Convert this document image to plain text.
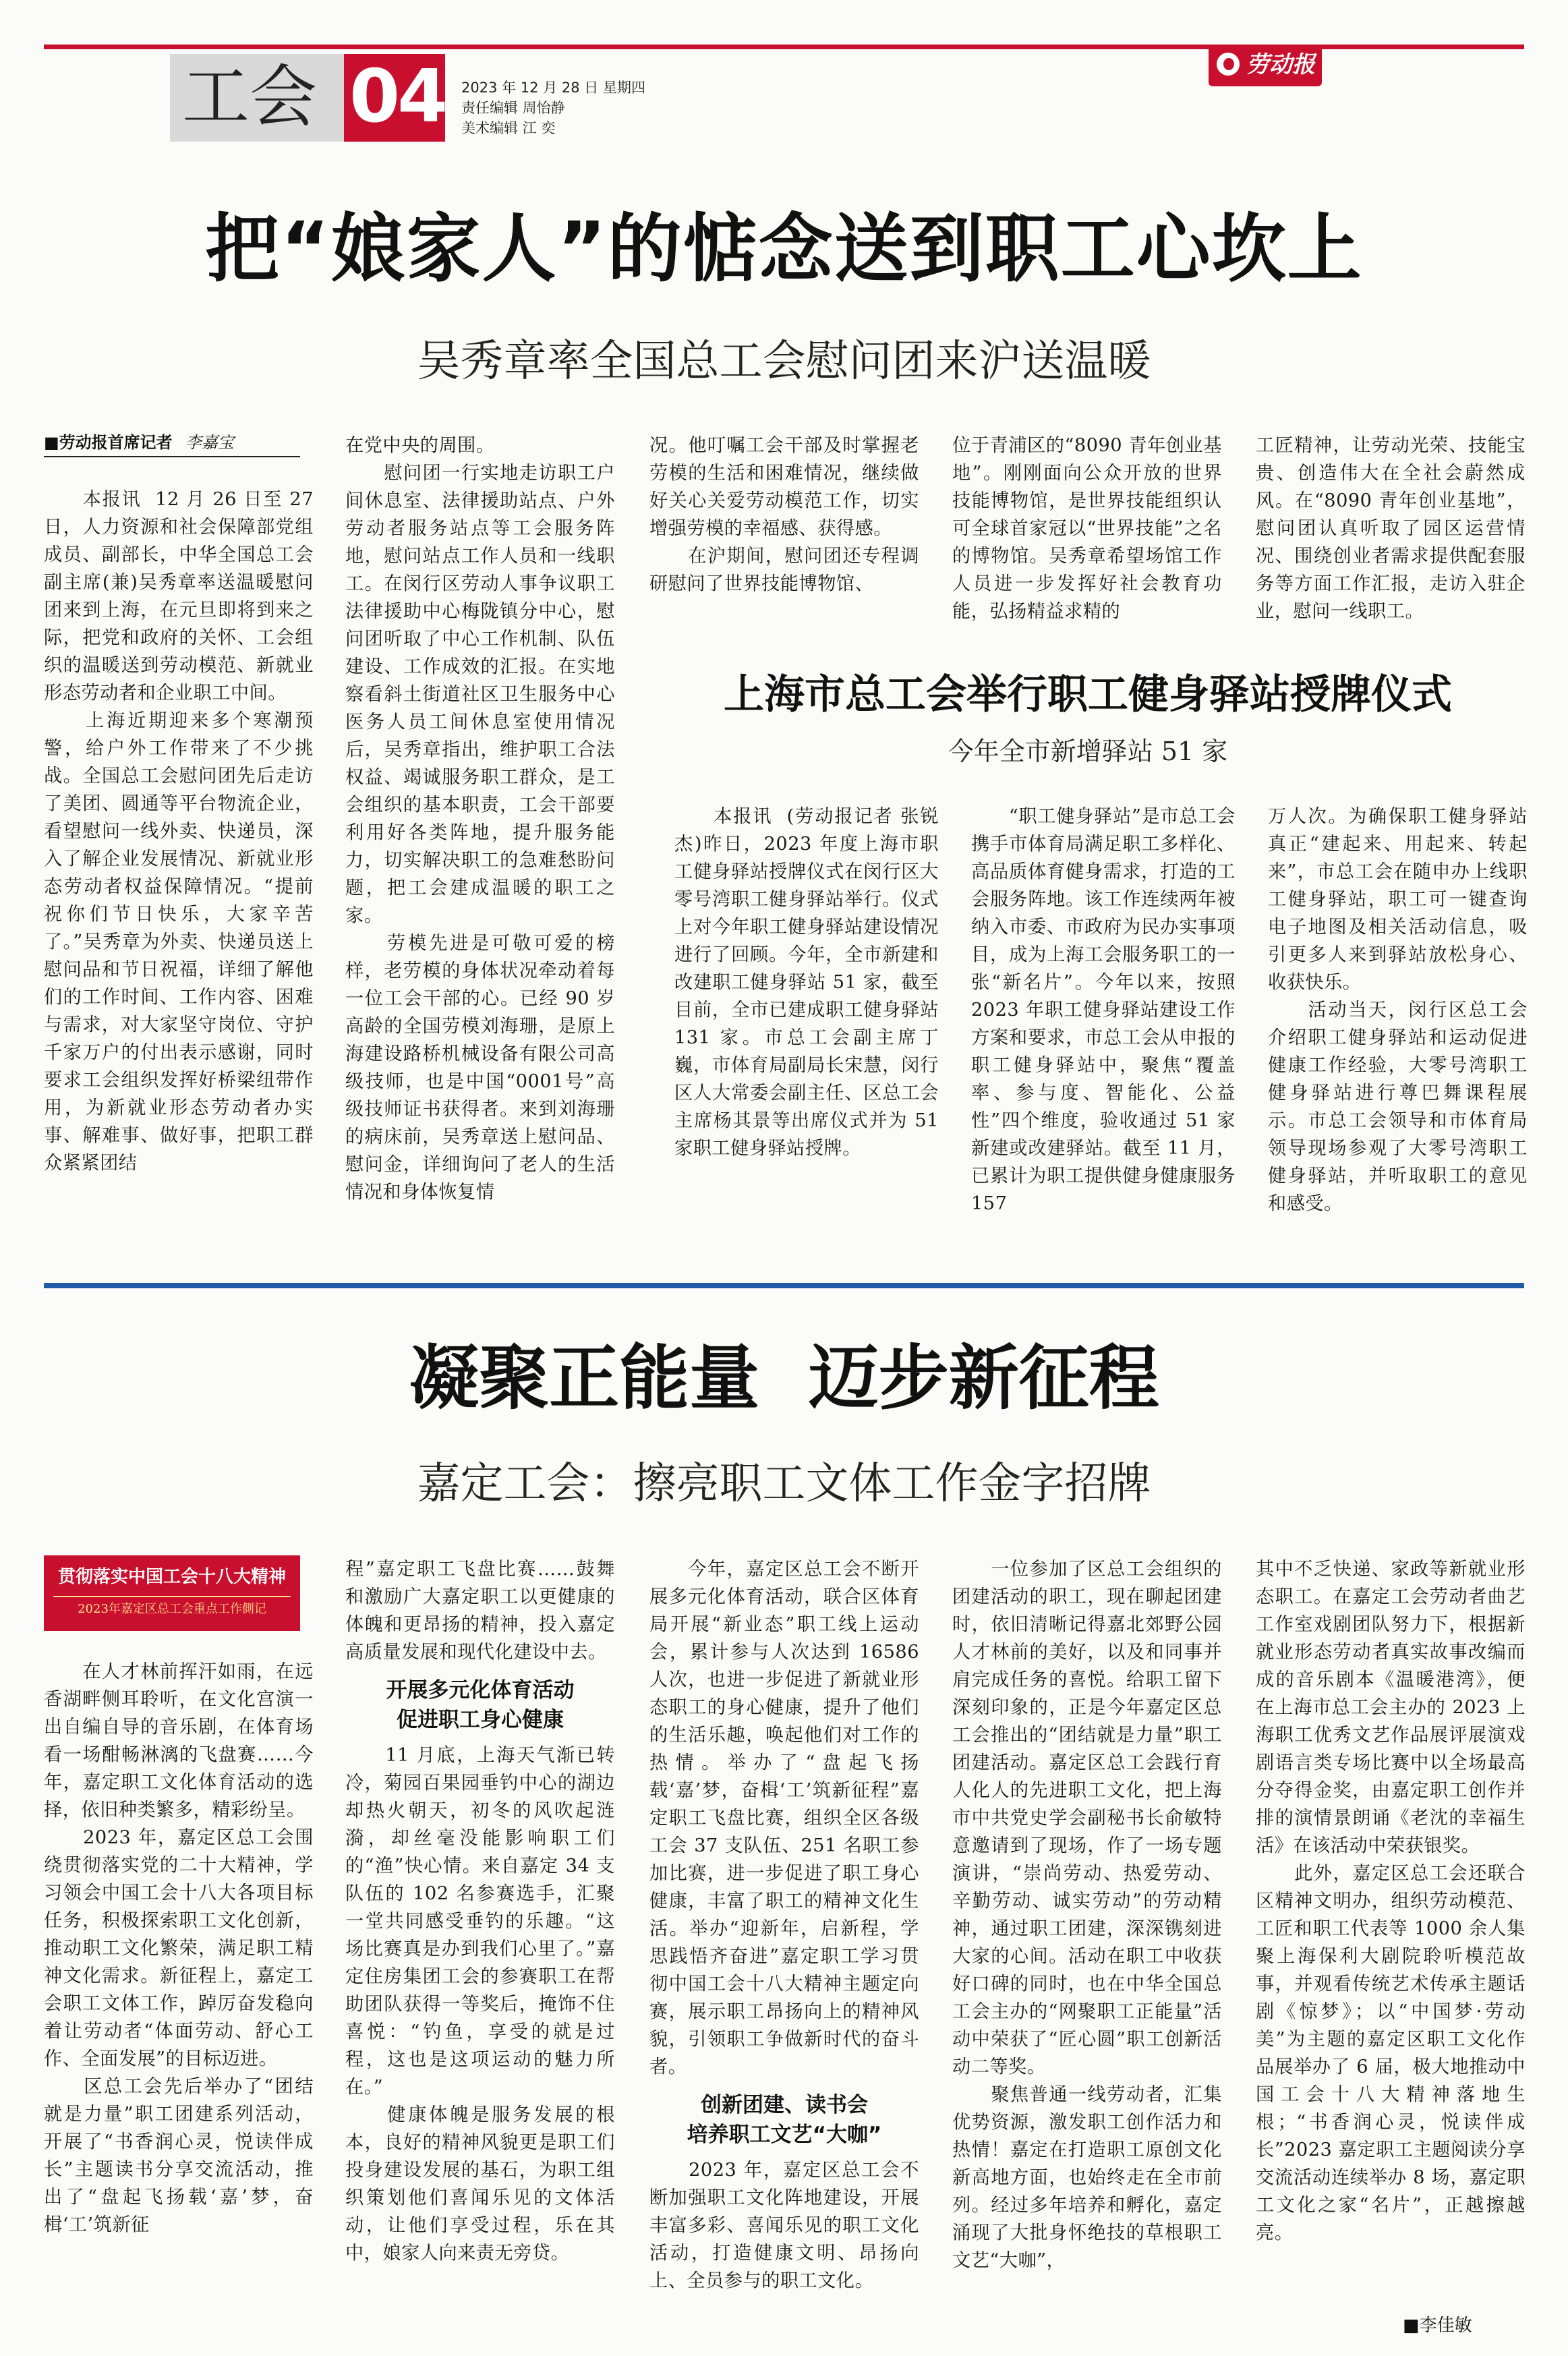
工会 04 2023 年 12 月 28 日 星期四
责任编辑 周怡静
美术编辑 江 奕
劳动报
把“娘家人”的惦念送到职工心坎上
吴秀章率全国总工会慰问团来沪送温暖
■劳动报首席记者 李嘉宝
　　本报讯  12 月 26 日至 27 日，人力资源和社会保障部党组成员、副部长，中华全国总工会副主席(兼)吴秀章率送温暖慰问团来到上海，在元旦即将到来之际，把党和政府的关怀、工会组织的温暖送到劳动模范、新就业形态劳动者和企业职工中间。
　　上海近期迎来多个寒潮预警，给户外工作带来了不少挑战。全国总工会慰问团先后走访了美团、圆通等平台物流企业，看望慰问一线外卖、快递员，深入了解企业发展情况、新就业形态劳动者权益保障情况。“提前祝你们节日快乐，大家辛苦了。”吴秀章为外卖、快递员送上慰问品和节日祝福，详细了解他们的工作时间、工作内容、困难与需求，对大家坚守岗位、守护千家万户的付出表示感谢，同时要求工会组织发挥好桥梁纽带作用，为新就业形态劳动者办实事、解难事、做好事，把职工群众紧紧团结
在党中央的周围。
　　慰问团一行实地走访职工户间休息室、法律援助站点、户外劳动者服务站点等工会服务阵地，慰问站点工作人员和一线职工。在闵行区劳动人事争议职工法律援助中心梅陇镇分中心，慰问团听取了中心工作机制、队伍建设、工作成效的汇报。在实地察看斜土街道社区卫生服务中心医务人员工间休息室使用情况后，吴秀章指出，维护职工合法权益、竭诚服务职工群众，是工会组织的基本职责，工会干部要利用好各类阵地，提升服务能力，切实解决职工的急难愁盼问题，把工会建成温暖的职工之家。
　　劳模先进是可敬可爱的榜样，老劳模的身体状况牵动着每一位工会干部的心。已经 90 岁高龄的全国劳模刘海珊，是原上海建设路桥机械设备有限公司高级技师，也是中国“0001号”高级技师证书获得者。来到刘海珊的病床前，吴秀章送上慰问品、慰问金，详细询问了老人的生活情况和身体恢复情
况。他叮嘱工会干部及时掌握老劳模的生活和困难情况，继续做好关心关爱劳动模范工作，切实增强劳模的幸福感、获得感。
　　在沪期间，慰问团还专程调研慰问了世界技能博物馆、
位于青浦区的“8090 青年创业基地”。刚刚面向公众开放的世界技能博物馆，是世界技能组织认可全球首家冠以“世界技能”之名的博物馆。吴秀章希望场馆工作人员进一步发挥好社会教育功能，弘扬精益求精的
工匠精神，让劳动光荣、技能宝贵、创造伟大在全社会蔚然成风。在“8090 青年创业基地”，慰问团认真听取了园区运营情况、围绕创业者需求提供配套服务等方面工作汇报，走访入驻企业，慰问一线职工。
上海市总工会举行职工健身驿站授牌仪式
今年全市新增驿站 51 家
　　本报讯  (劳动报记者 张锐杰)昨日，2023 年度上海市职工健身驿站授牌仪式在闵行区大零号湾职工健身驿站举行。仪式上对今年职工健身驿站建设情况进行了回顾。今年，全市新建和改建职工健身驿站 51 家，截至目前，全市已建成职工健身驿站 131 家。市总工会副主席丁巍，市体育局副局长宋慧，闵行区人大常委会副主任、区总工会主席杨其景等出席仪式并为 51 家职工健身驿站授牌。
　　“职工健身驿站”是市总工会携手市体育局满足职工多样化、高品质体育健身需求，打造的工会服务阵地。该工作连续两年被纳入市委、市政府为民办实事项目，成为上海工会服务职工的一张“新名片”。今年以来，按照 2023 年职工健身驿站建设工作方案和要求，市总工会从申报的职工健身驿站中，聚焦“覆盖率、参与度、智能化、公益性”四个维度，验收通过 51 家新建或改建驿站。截至 11 月，已累计为职工提供健身健康服务 157
万人次。为确保职工健身驿站真正“建起来、用起来、转起来”，市总工会在随申办上线职工健身驿站，职工可一键查询电子地图及相关活动信息，吸引更多人来到驿站放松身心、收获快乐。
　　活动当天，闵行区总工会介绍职工健身驿站和运动促进健康工作经验，大零号湾职工健身驿站进行尊巴舞课程展示。市总工会领导和市体育局领导现场参观了大零号湾职工健身驿站，并听取职工的意见和感受。
凝聚正能量  迈步新征程
嘉定工会：擦亮职工文体工作金字招牌
贯彻落实中国工会十八大精神
2023年嘉定区总工会重点工作側记
　　在人才林前挥汗如雨，在远香湖畔侧耳聆听，在文化宫演一出自编自导的音乐剧，在体育场看一场酣畅淋漓的飞盘赛……今年，嘉定职工文化体育活动的选择，依旧种类繁多，精彩纷呈。
　　2023 年，嘉定区总工会围绕贯彻落实党的二十大精神，学习领会中国工会十八大各项目标任务，积极探索职工文化创新，推动职工文化繁荣，满足职工精神文化需求。新征程上，嘉定工会职工文体工作，踔厉奋发稳向着让劳动者“体面劳动、舒心工作、全面发展”的目标迈进。
　　区总工会先后举办了“团结就是力量”职工团建系列活动，开展了“书香润心灵，悦读伴成长”主题读书分享交流活动，推出了“盘起飞扬载‘嘉’梦，奋楫‘工’筑新征
程”嘉定职工飞盘比赛……鼓舞和激励广大嘉定职工以更健康的体魄和更昂扬的精神，投入嘉定高质量发展和现代化建设中去。
开展多元化体育活动
促进职工身心健康
　　11 月底，上海天气渐已转冷，菊园百果园垂钓中心的湖边却热火朝天，初冬的风吹起涟漪，却丝毫没能影响职工们的“渔”快心情。来自嘉定 34 支队伍的 102 名参赛选手，汇聚一堂共同感受垂钓的乐趣。“这场比赛真是办到我们心里了。”嘉定住房集团工会的参赛职工在帮助团队获得一等奖后，掩饰不住喜悦：“钓鱼，享受的就是过程，这也是这项运动的魅力所在。”
　　健康体魄是服务发展的根本，良好的精神风貌更是职工们投身建设发展的基石，为职工组织策划他们喜闻乐见的文体活动，让他们享受过程，乐在其中，娘家人向来责无旁贷。
　　今年，嘉定区总工会不断开展多元化体育活动，联合区体育局开展“新业态”职工线上运动会，累计参与人次达到 16586 人次，也进一步促进了新就业形态职工的身心健康，提升了他们的生活乐趣，唤起他们对工作的热情。举办了“盘起飞扬载‘嘉’梦，奋楫‘工’筑新征程”嘉定职工飞盘比赛，组织全区各级工会 37 支队伍、251 名职工参加比赛，进一步促进了职工身心健康，丰富了职工的精神文化生活。举办“迎新年，启新程，学思践悟齐奋进”嘉定职工学习贯彻中国工会十八大精神主题定向赛，展示职工昂扬向上的精神风貌，引领职工争做新时代的奋斗者。
创新团建、读书会
培养职工文艺“大咖”
　　2023 年，嘉定区总工会不断加强职工文化阵地建设，开展丰富多彩、喜闻乐见的职工文化活动，打造健康文明、昂扬向上、全员参与的职工文化。
　　一位参加了区总工会组织的团建活动的职工，现在聊起团建时，依旧清晰记得嘉北郊野公园人才林前的美好，以及和同事并肩完成任务的喜悦。给职工留下深刻印象的，正是今年嘉定区总工会推出的“团结就是力量”职工团建活动。嘉定区总工会践行育人化人的先进职工文化，把上海市中共党史学会副秘书长俞敏特意邀请到了现场，作了一场专题演讲，“崇尚劳动、热爱劳动、辛勤劳动、诚实劳动”的劳动精神，通过职工团建，深深镌刻进大家的心间。活动在职工中收获好口碑的同时，也在中华全国总工会主办的“网聚职工正能量”活动中荣获了“匠心圆”职工创新活动二等奖。
　　聚焦普通一线劳动者，汇集优势资源，激发职工创作活力和热情！嘉定在打造职工原创文化新高地方面，也始终走在全市前列。经过多年培养和孵化，嘉定涌现了大批身怀绝技的草根职工文艺“大咖”，
其中不乏快递、家政等新就业形态职工。在嘉定工会劳动者曲艺工作室戏剧团队努力下，根据新就业形态劳动者真实故事改编而成的音乐剧本《温暖港湾》，便在上海市总工会主办的 2023 上海职工优秀文艺作品展评展演戏剧语言类专场比赛中以全场最高分夺得金奖，由嘉定职工创作并排的演情景朗诵《老沈的幸福生活》在该活动中荣获银奖。
　　此外，嘉定区总工会还联合区精神文明办，组织劳动模范、工匠和职工代表等 1000 余人集聚上海保利大剧院聆听模范故事，并观看传统艺术传承主题话剧《惊梦》；以“中国梦·劳动美”为主题的嘉定区职工文化作品展举办了 6 届，极大地推动中国工会十八大精神落地生根；“书香润心灵，悦读伴成长”2023 嘉定职工主题阅读分享交流活动连续举办 8 场，嘉定职工文化之家“名片”，正越擦越亮。
■李佳敏
